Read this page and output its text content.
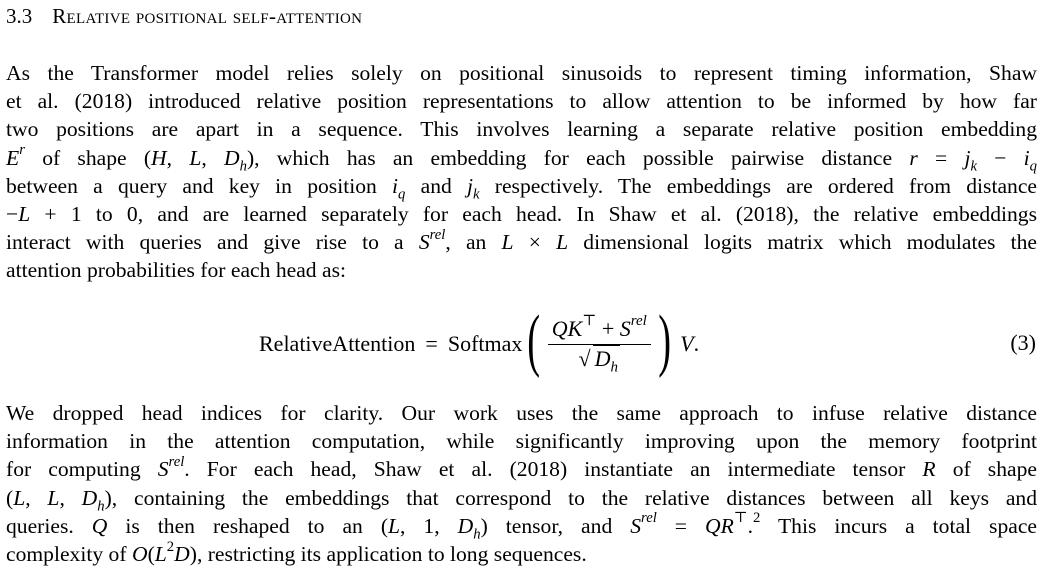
3.3 Relative positional self-attention
As the Transformer model relies solely on positional sinusoids to represent timing information, Shaw
et al. (2018) introduced relative position representations to allow attention to be informed by how far
two positions are apart in a sequence. This involves learning a separate relative position embedding
$E^r$ of shape (H, L, $D_h$), which has an embedding for each possible pairwise distance $r = j_k - i_q$
between a query and key in position $i_q$ and $j_k$ respectively. The embeddings are ordered from distance
−L + 1 to 0, and are learned separately for each head. In Shaw et al. (2018), the relative embeddings
interact with queries and give rise to a $S^{rel}$, an L × L dimensional logits matrix which modulates the
attention probabilities for each head as:
RelativeAttention = Softmax ( $\frac{QK^⊤ + S^{rel}}{√ D_h}$ ) V .	(3)
We dropped head indices for clarity. Our work uses the same approach to infuse relative distance
information in the attention computation, while significantly improving upon the memory footprint
for computing $S^{rel}$. For each head, Shaw et al. (2018) instantiate an intermediate tensor R of shape
(L, L, $D_h$), containing the embeddings that correspond to the relative distances between all keys and
queries. Q is then reshaped to an (L, 1, $D_h$) tensor, and $S^{rel} = QR^⊤.^2$ This incurs a total space
complexity of $O(L^2D)$, restricting its application to long sequences.
